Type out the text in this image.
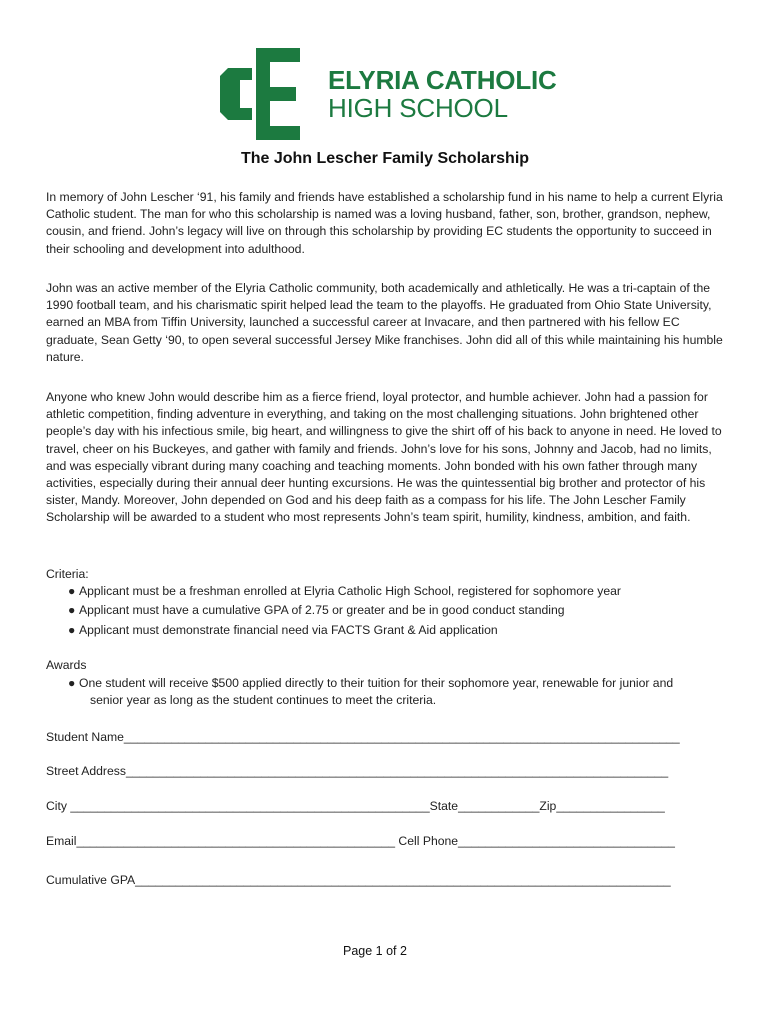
ELYRIA CATHOLIC
HIGH SCHOOL
The John Lescher Family Scholarship
In memory of John Lescher ‘91, his family and friends have established a scholarship fund in his name to help a current Elyria Catholic student. The man for who this scholarship is named was a loving husband, father, son, brother, grandson, nephew, cousin, and friend. John’s legacy will live on through this scholarship by providing EC students the opportunity to succeed in their schooling and development into adulthood.
John was an active member of the Elyria Catholic community, both academically and athletically. He was a tri-captain of the 1990 football team, and his charismatic spirit helped lead the team to the playoffs. He graduated from Ohio State University, earned an MBA from Tiffin University, launched a successful career at Invacare, and then partnered with his fellow EC graduate, Sean Getty ‘90, to open several successful Jersey Mike franchises. John did all of this while maintaining his humble nature.
Anyone who knew John would describe him as a fierce friend, loyal protector, and humble achiever. John had a passion for athletic competition, finding adventure in everything, and taking on the most challenging situations. John brightened other people’s day with his infectious smile, big heart, and willingness to give the shirt off of his back to anyone in need. He loved to travel, cheer on his Buckeyes, and gather with family and friends. John’s love for his sons, Johnny and Jacob, had no limits, and was especially vibrant during many coaching and teaching moments. John bonded with his own father through many activities, especially during their annual deer hunting excursions. He was the quintessential big brother and protector of his sister, Mandy. Moreover, John depended on God and his deep faith as a compass for his life. The John Lescher Family Scholarship will be awarded to a student who most represents John’s team spirit, humility, kindness, ambition, and faith.
Criteria:
● Applicant must be a freshman enrolled at Elyria Catholic High School, registered for sophomore year
● Applicant must have a cumulative GPA of 2.75 or greater and be in good conduct standing
● Applicant must demonstrate financial need via FACTS Grant & Aid application
Awards
● One student will receive $500 applied directly to their tuition for their sophomore year, renewable for junior and
senior year as long as the student continues to meet the criteria.
Student Name__________________________________________________________________________________
Street Address________________________________________________________________________________
City _____________________________________________________State____________Zip________________
Email_______________________________________________ Cell Phone________________________________
Cumulative GPA_______________________________________________________________________________
Page 1 of 2
